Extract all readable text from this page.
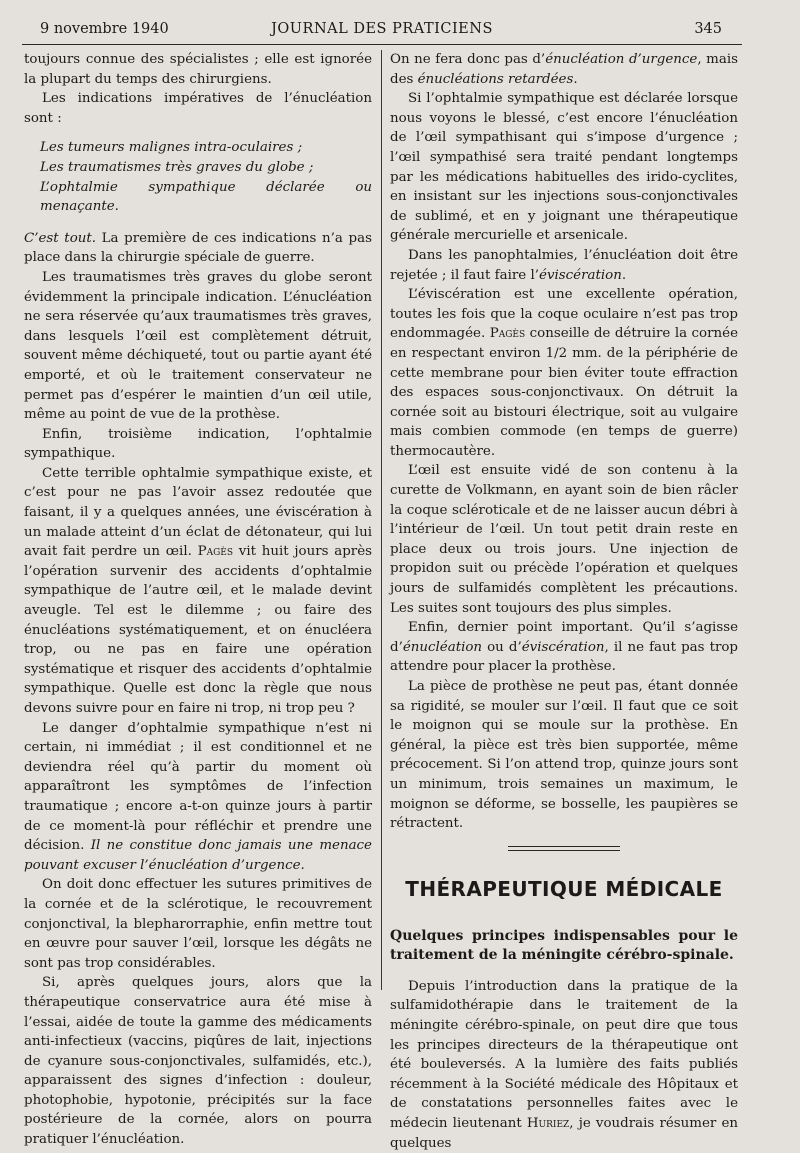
9 novembre 1940	JOURNAL DES PRATICIENS	345

toujours connue des spécialistes ; elle est ignorée la plupart du temps des chirurgiens.

Les indications impératives de l’énucléation sont :

Les tumeurs malignes intra-oculaires ;
Les traumatismes très graves du globe ;
L’ophtalmie sympathique déclarée ou menaçante.

C’est tout. La première de ces indications n’a pas place dans la chirurgie spéciale de guerre.

Les traumatismes très graves du globe seront évidemment la principale indication. L’énucléation ne sera réservée qu’aux traumatismes très graves, dans lesquels l’œil est complètement détruit, souvent même déchiqueté, tout ou partie ayant été emporté, et où le traitement conservateur ne permet pas d’espérer le maintien d’un œil utile, même au point de vue de la prothèse.

Enfin, troisième indication, l’ophtalmie sympathique.

Cette terrible ophtalmie sympathique existe, et c’est pour ne pas l’avoir assez redoutée que faisant, il y a quelques années, une éviscération à un malade atteint d’un éclat de détonateur, qui lui avait fait perdre un œil. Pagès vit huit jours après l’opération survenir des accidents d’ophtalmie sympathique de l’autre œil, et le malade devint aveugle. Tel est le dilemme ; ou faire des énucléations systématiquement, et on énucléera trop, ou ne pas en faire une opération systématique et risquer des accidents d’ophtalmie sympathique. Quelle est donc la règle que nous devons suivre pour en faire ni trop, ni trop peu ?

Le danger d’ophtalmie sympathique n’est ni certain, ni immédiat ; il est conditionnel et ne deviendra réel qu’à partir du moment où apparaîtront les symptômes de l’infection traumatique ; encore a-t-on quinze jours à partir de ce moment-là pour réfléchir et prendre une décision. Il ne constitue donc jamais une menace pouvant excuser l’énucléation d’urgence.

On doit donc effectuer les sutures primitives de la cornée et de la sclérotique, le recouvrement conjonctival, la blepharorraphie, enfin mettre tout en œuvre pour sauver l’œil, lorsque les dégâts ne sont pas trop considérables.

Si, après quelques jours, alors que la thérapeutique conservatrice aura été mise à l’essai, aidée de toute la gamme des médicaments anti-infectieux (vaccins, piqûres de lait, injections de cyanure sous-conjonctivales, sulfamidés, etc.), apparaissent des signes d’infection : douleur, photophobie, hypotonie, précipités sur la face postérieure de la cornée, alors on pourra pratiquer l’énucléation.

On ne fera donc pas d’énucléation d’urgence, mais des énucléations retardées.

Si l’ophtalmie sympathique est déclarée lorsque nous voyons le blessé, c’est encore l’énucléation de l’œil sympathisant qui s’impose d’urgence ; l’œil sympathisé sera traité pendant longtemps par les médications habituelles des irido-cyclites, en insistant sur les injections sous-conjonctivales de sublimé, et en y joignant une thérapeutique générale mercurielle et arsenicale.

Dans les panophtalmies, l’énucléation doit être rejetée ; il faut faire l’éviscération.

L’éviscération est une excellente opération, toutes les fois que la coque oculaire n’est pas trop endommagée. Pagès conseille de détruire la cornée en respectant environ 1/2 mm. de la périphérie de cette membrane pour bien éviter toute effraction des espaces sous-conjonctivaux. On détruit la cornée soit au bistouri électrique, soit au vulgaire mais combien commode (en temps de guerre) thermocautère.

L’œil est ensuite vidé de son contenu à la curette de Volkmann, en ayant soin de bien râcler la coque scléroticale et de ne laisser aucun débri à l’intérieur de l’œil. Un tout petit drain reste en place deux ou trois jours. Une injection de propidon suit ou précède l’opération et quelques jours de sulfamidés complètent les précautions. Les suites sont toujours des plus simples.

Enfin, dernier point important. Qu’il s’agisse d’énucléation ou d’éviscération, il ne faut pas trop attendre pour placer la prothèse.

La pièce de prothèse ne peut pas, étant donnée sa rigidité, se mouler sur l’œil. Il faut que ce soit le moignon qui se moule sur la prothèse. En général, la pièce est très bien supportée, même précocement. Si l’on attend trop, quinze jours sont un minimum, trois semaines un maximum, le moignon se déforme, se bosselle, les paupières se rétractent.

THÉRAPEUTIQUE MÉDICALE
Quelques principes indispensables pour le traitement de la méningite cérébro-spinale.

Depuis l’introduction dans la pratique de la sulfamidothérapie dans le traitement de la méningite cérébro-spinale, on peut dire que tous les principes directeurs de la thérapeutique ont été bouleversés. A la lumière des faits publiés récemment à la Société médicale des Hôpitaux et de constatations personnelles faites avec le médecin lieutenant Huriez, je voudrais résumer en quelques
